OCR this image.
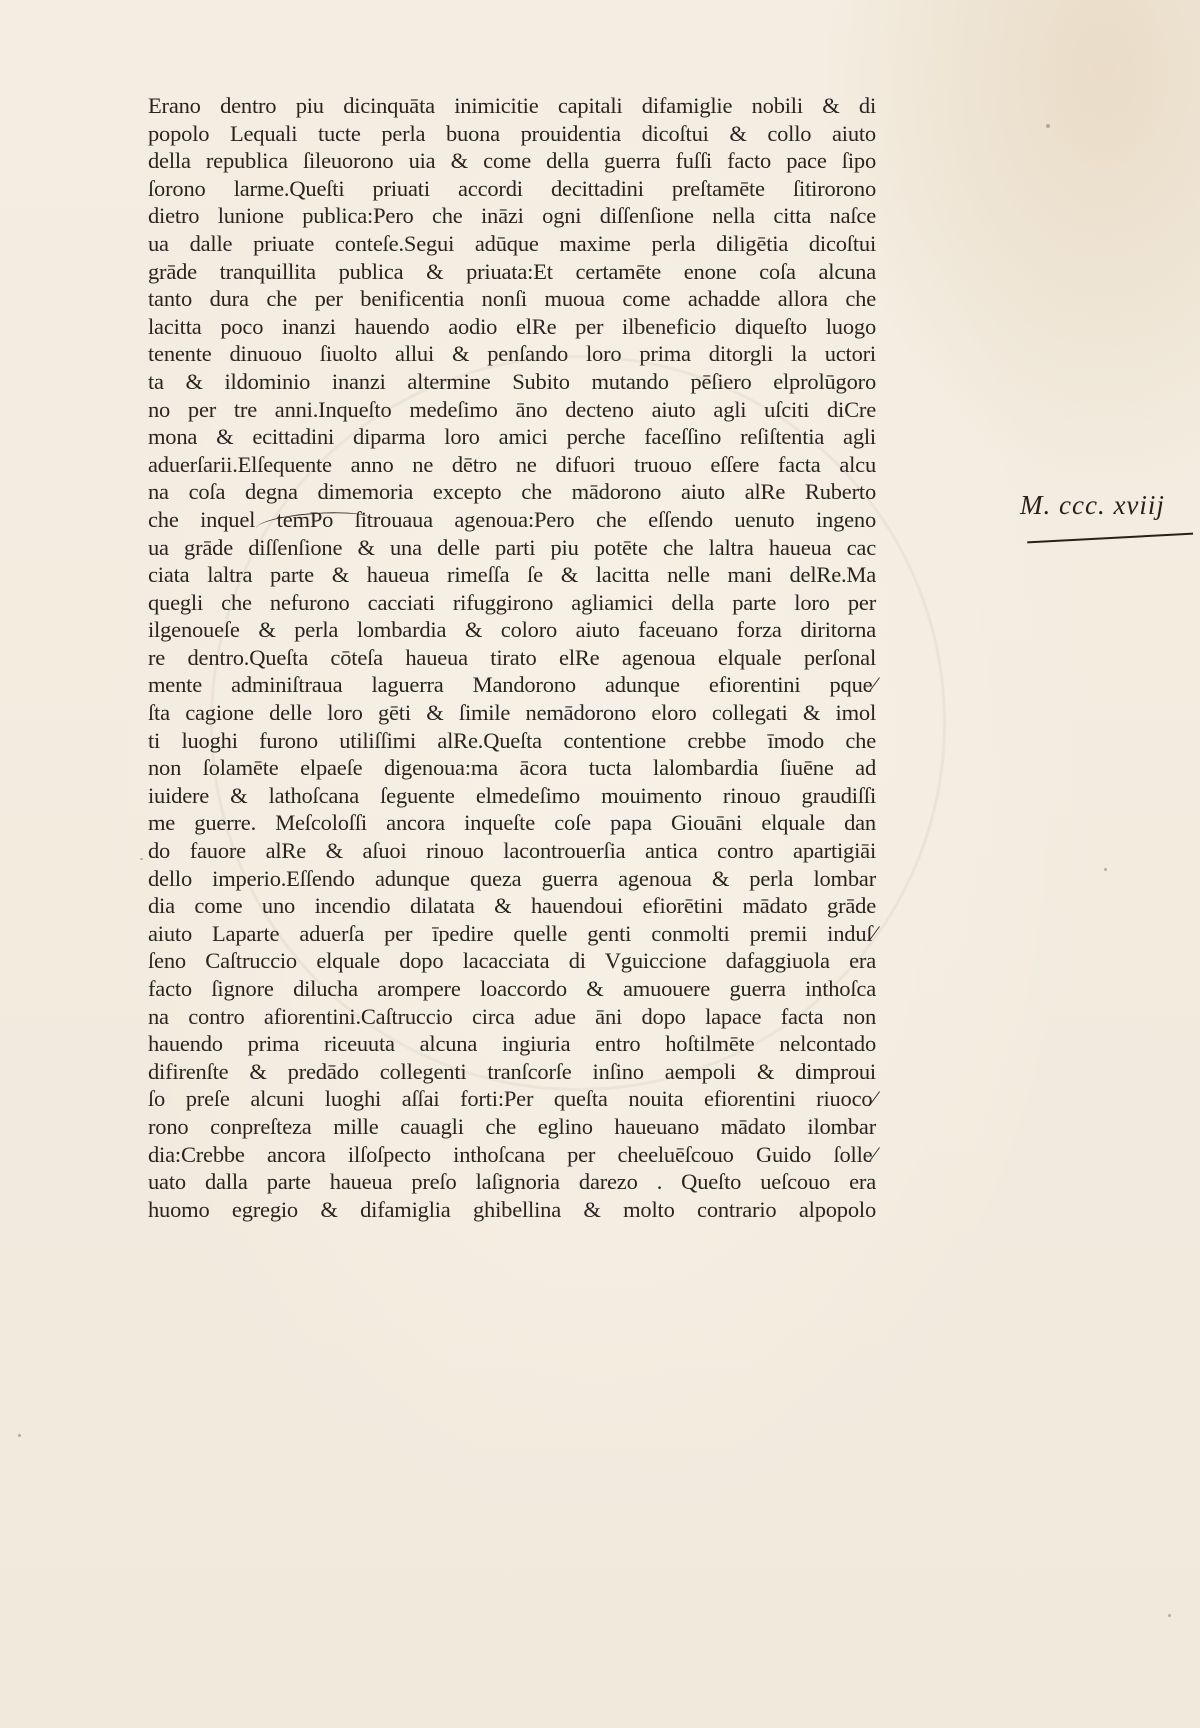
Erano dentro piu dicinquāta inimicitie capitali difamiglie nobili & di
popolo Lequali tucte perla buona prouidentia dicoſtui & collo aiuto
della republica ſileuorono uia & come della guerra fuſſi facto pace ſipo
ſorono larme.Queſti priuati accordi decittadini preſtamēte ſitirorono
dietro lunione publica:Pero che ināzi ogni diſſenſione nella citta naſce
ua dalle priuate conteſe.Segui adūque maxime perla diligētia dicoſtui
grāde tranquillita publica & priuata:Et certamēte enone coſa alcuna
tanto dura che per benificentia nonſi muoua come achadde allora che
lacitta poco inanzi hauendo aodio elRe per ilbeneficio diqueſto luogo
tenente dinuouo ſiuolto allui & penſando loro prima ditorgli la uctori
ta & ildominio inanzi altermine Subito mutando pēſiero elprolūgoro
no per tre anni.Inqueſto medeſimo āno decteno aiuto agli uſciti diCre
mona & ecittadini diparma loro amici perche faceſſino reſiſtentia agli
aduerſarii.Elſequente anno ne dētro ne difuori truouo eſſere facta alcu
na coſa degna dimemoria excepto che mādorono aiuto alRe Ruberto
che inquel temPo ſitrouaua agenoua:Pero che eſſendo uenuto ingeno
ua grāde diſſenſione & una delle parti piu potēte che laltra haueua cac
ciata laltra parte & haueua rimeſſa ſe & lacitta nelle mani delRe.Ma
quegli che nefurono cacciati rifuggirono agliamici della parte loro per
ilgenoueſe & perla lombardia & coloro aiuto faceuano forza diritorna
re dentro.Queſta cōteſa haueua tirato elRe agenoua elquale perſonal
mente adminiſtraua laguerra Mandorono adunque efiorentini pque⁄
ſta cagione delle loro gēti & ſimile nemādorono eloro collegati & imol
ti luoghi furono utiliſſimi alRe.Queſta contentione crebbe īmodo che
non ſolamēte elpaeſe digenoua:ma ācora tucta lalombardia ſiuēne ad
iuidere & lathoſcana ſeguente elmedeſimo mouimento rinouo graudiſſi
me guerre. Meſcoloſſi ancora inqueſte coſe papa Giouāni elquale dan
do fauore alRe & aſuoi rinouo lacontrouerſia antica contro apartigiāi
dello imperio.Eſſendo adunque queza guerra agenoua & perla lombar
dia come uno incendio dilatata & hauendoui efiorētini mādato grāde
aiuto Laparte aduerſa per īpedire quelle genti conmolti premii induſ⁄
ſeno Caſtruccio elquale dopo lacacciata di Vguiccione dafaggiuola era
facto ſignore dilucha arompere loaccordo & amuouere guerra inthoſca
na contro afiorentini.Caſtruccio circa adue āni dopo lapace facta non
hauendo prima riceuuta alcuna ingiuria entro hoſtilmēte nelcontado
difirenſte & predādo collegenti tranſcorſe inſino aempoli & dimproui
ſo preſe alcuni luoghi aſſai forti:Per queſta nouita efiorentini riuoco⁄
rono conpreſteza mille cauagli che eglino haueuano mādato ilombar
dia:Crebbe ancora ilſoſpecto inthoſcana per cheeluēſcouo Guido ſolle⁄
uato dalla parte haueua preſo laſignoria darezo . Queſto ueſcouo era
huomo egregio & difamiglia ghibellina & molto contrario alpopolo
M. ccc. xviij
